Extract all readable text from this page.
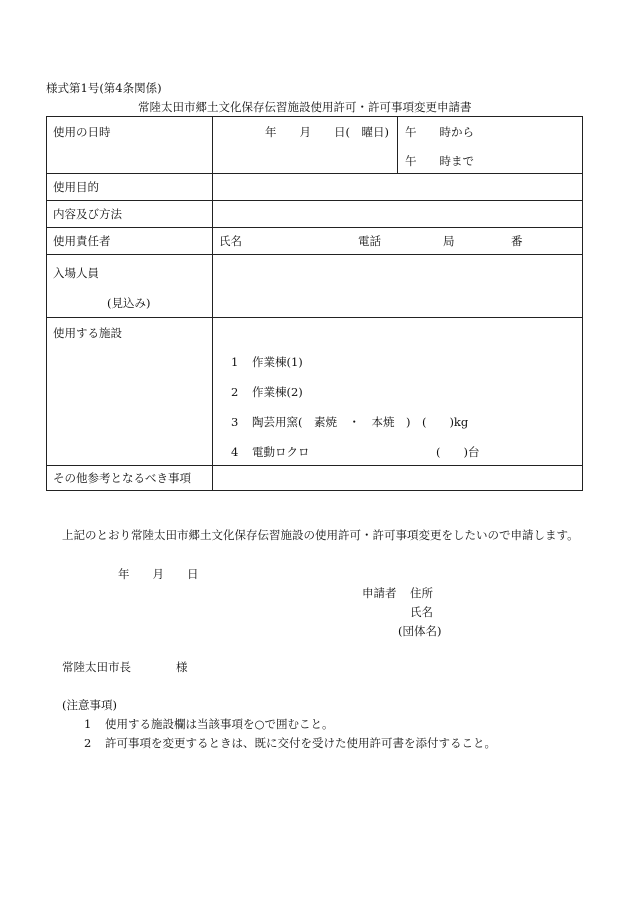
様式第1号(第4条関係)
常陸太田市郷土文化保存伝習施設使用許可・許可事項変更申請書
使用の日時	年　　月　　日(　曜日) 午　　時から
午　　時まで

使用目的	

内容及び方法	

使用責任者	氏名 電話 局 番

入場人員
(見込み)	

使用する施設	1 作業棟(1)
2 作業棟(2)
3 陶芸用窯(　素焼　・　本焼　)　(　　)kg
4 電動ロクロ　　　　　　　　　　　(　　)台

その他参考となるべき事項	

上記のとおり常陸太田市郷土文化保存伝習施設の使用許可・許可事項変更をしたいので申請します。
年　　月　　日
申請者 住所
氏名
(団体名)
常陸太田市長	様
(注意事項)
1 使用する施設欄は当該事項を○で囲むこと。
2 許可事項を変更するときは、既に交付を受けた使用許可書を添付すること。
